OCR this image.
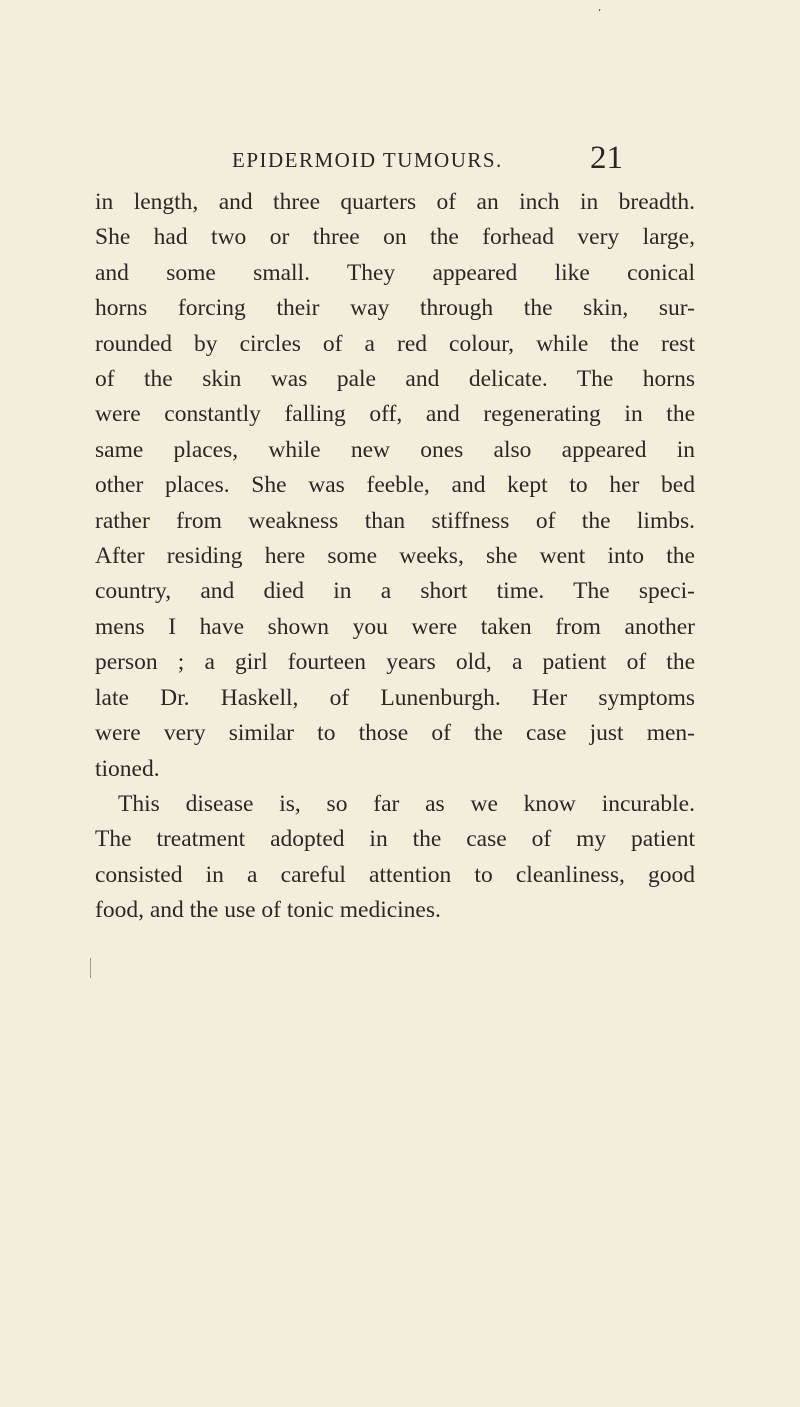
’
EPIDERMOID TUMOURS.	21
in length, and three quarters of an inch in breadth.
She had two or three on the forhead very large,
and some small. They appeared like conical
horns forcing their way through the skin, sur-
rounded by circles of a red colour, while the rest
of the skin was pale and delicate. The horns
were constantly falling off, and regenerating in the
same places, while new ones also appeared in
other places. She was feeble, and kept to her bed
rather from weakness than stiffness of the limbs.
After residing here some weeks, she went into the
country, and died in a short time. The speci-
mens I have shown you were taken from another
person ; a girl fourteen years old, a patient of the
late Dr. Haskell, of Lunenburgh. Her symptoms
were very similar to those of the case just men-
tioned.
This disease is, so far as we know incurable.
The treatment adopted in the case of my patient
consisted in a careful attention to cleanliness, good
food, and the use of tonic medicines.
